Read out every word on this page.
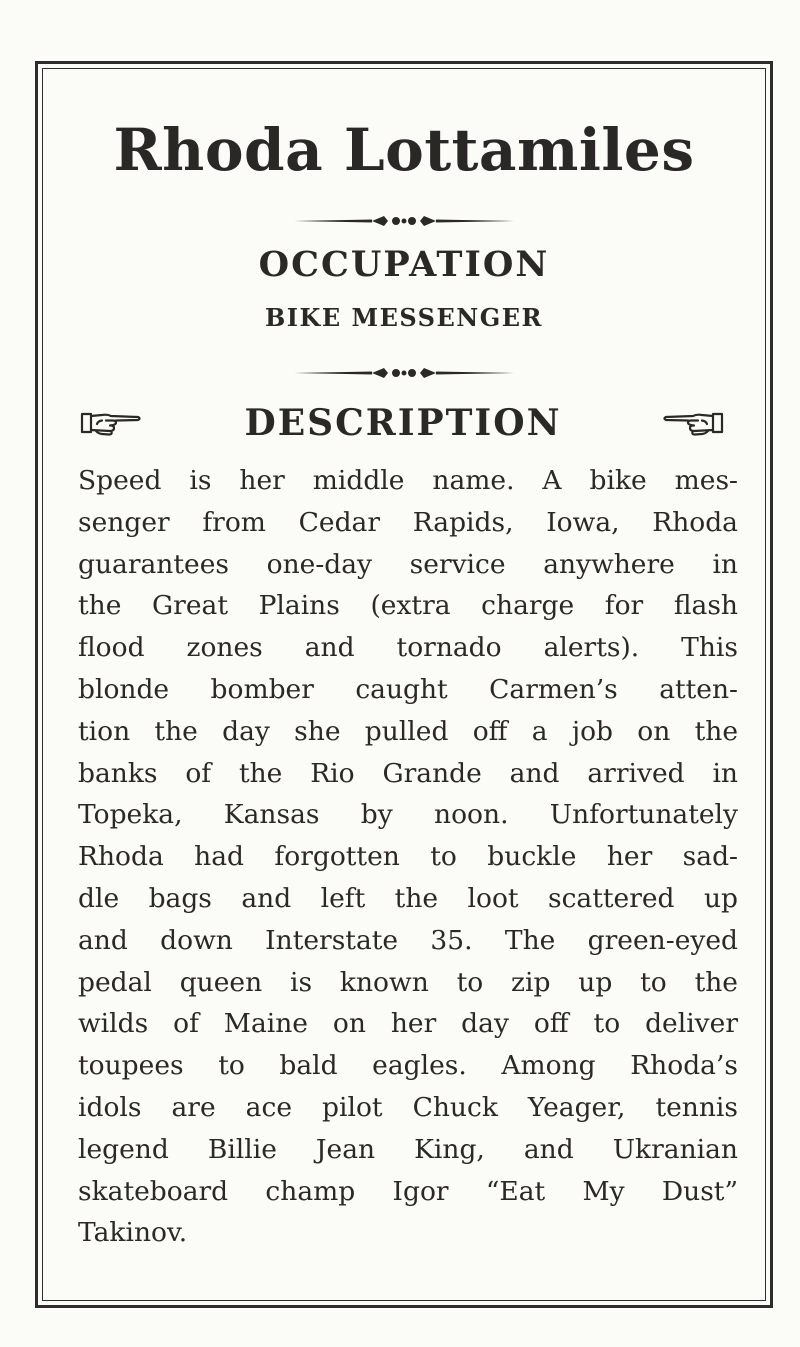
Rhoda Lottamiles
OCCUPATION
BIKE MESSENGER
DESCRIPTION
Speed is her middle name. A bike mes-
senger from Cedar Rapids, Iowa, Rhoda
guarantees one-day service anywhere in
the Great Plains (extra charge for flash
flood zones and tornado alerts). This
blonde bomber caught Carmen’s atten-
tion the day she pulled off a job on the
banks of the Rio Grande and arrived in
Topeka, Kansas by noon. Unfortunately
Rhoda had forgotten to buckle her sad-
dle bags and left the loot scattered up
and down Interstate 35. The green-eyed
pedal queen is known to zip up to the
wilds of Maine on her day off to deliver
toupees to bald eagles. Among Rhoda’s
idols are ace pilot Chuck Yeager, tennis
legend Billie Jean King, and Ukranian
skateboard champ Igor “Eat My Dust”
Takinov.
